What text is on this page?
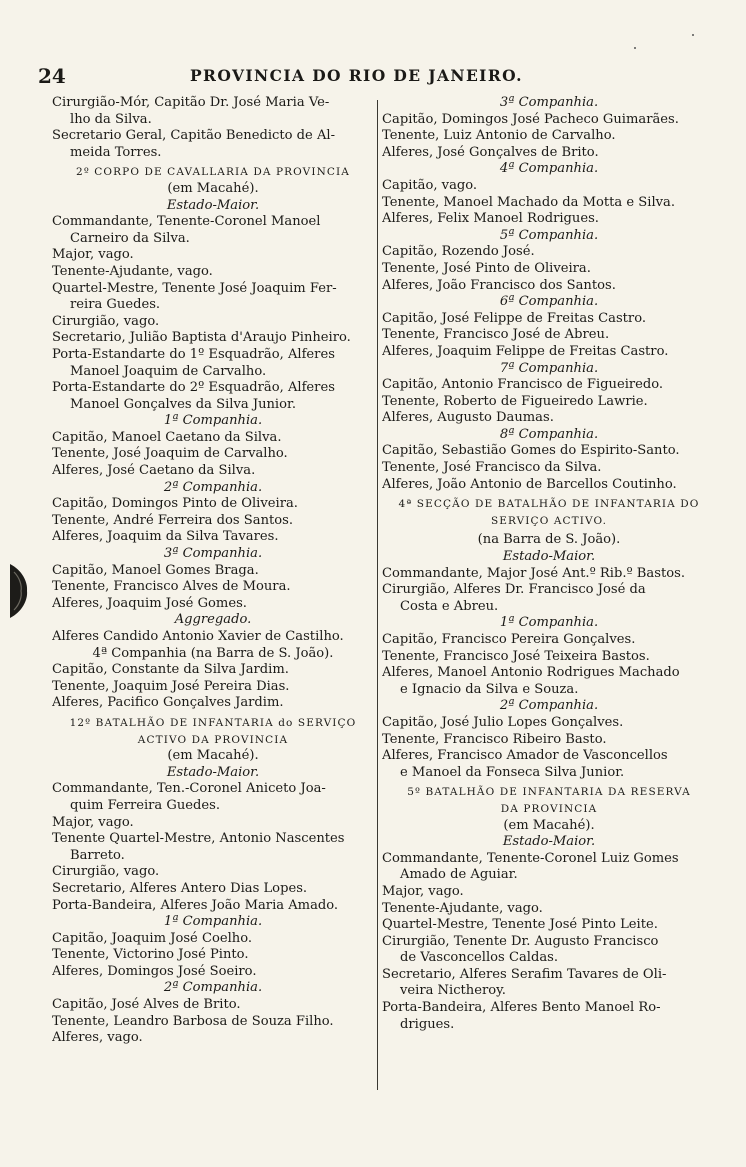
24	PROVINCIA DO RIO DE JANEIRO.
Cirurgião-Mór, Capitão Dr. José Maria Ve-
lho da Silva.
Secretario Geral, Capitão Benedicto de Al-
meida Torres.
2º CORPO DE CAVALLARIA DA PROVINCIA
(em Macahé).
Estado-Maior.
Commandante, Tenente-Coronel Manoel
Carneiro da Silva.
Major, vago.
Tenente-Ajudante, vago.
Quartel-Mestre, Tenente José Joaquim Fer-
reira Guedes.
Cirurgião, vago.
Secretario, Julião Baptista d'Araujo Pinheiro.
Porta-Estandarte do 1º Esquadrão, Alferes
Manoel Joaquim de Carvalho.
Porta-Estandarte do 2º Esquadrão, Alferes
Manoel Gonçalves da Silva Junior.
1ª Companhia.
Capitão, Manoel Caetano da Silva.
Tenente, José Joaquim de Carvalho.
Alferes, José Caetano da Silva.
2ª Companhia.
Capitão, Domingos Pinto de Oliveira.
Tenente, André Ferreira dos Santos.
Alferes, Joaquim da Silva Tavares.
3ª Companhia.
Capitão, Manoel Gomes Braga.
Tenente, Francisco Alves de Moura.
Alferes, Joaquim José Gomes.
Aggregado.
Alferes Candido Antonio Xavier de Castilho.
4ª Companhia (na Barra de S. João).
Capitão, Constante da Silva Jardim.
Tenente, Joaquim José Pereira Dias.
Alferes, Pacifico Gonçalves Jardim.
12º BATALHÃO DE INFANTARIA do SERVIÇO
ACTIVO DA PROVINCIA
(em Macahé).
Estado-Maior.
Commandante, Ten.-Coronel Aniceto Joa-
quim Ferreira Guedes.
Major, vago.
Tenente Quartel-Mestre, Antonio Nascentes
Barreto.
Cirurgião, vago.
Secretario, Alferes Antero Dias Lopes.
Porta-Bandeira, Alferes João Maria Amado.
1ª Companhia.
Capitão, Joaquim José Coelho.
Tenente, Victorino José Pinto.
Alferes, Domingos José Soeiro.
2ª Companhia.
Capitão, José Alves de Brito.
Tenente, Leandro Barbosa de Souza Filho.
Alferes, vago.
3ª Companhia.
Capitão, Domingos José Pacheco Guimarães.
Tenente, Luiz Antonio de Carvalho.
Alferes, José Gonçalves de Brito.
4ª Companhia.
Capitão, vago.
Tenente, Manoel Machado da Motta e Silva.
Alferes, Felix Manoel Rodrigues.
5ª Companhia.
Capitão, Rozendo José.
Tenente, José Pinto de Oliveira.
Alferes, João Francisco dos Santos.
6ª Companhia.
Capitão, José Felippe de Freitas Castro.
Tenente, Francisco José de Abreu.
Alferes, Joaquim Felippe de Freitas Castro.
7ª Companhia.
Capitão, Antonio Francisco de Figueiredo.
Tenente, Roberto de Figueiredo Lawrie.
Alferes, Augusto Daumas.
8ª Companhia.
Capitão, Sebastião Gomes do Espirito-Santo.
Tenente, José Francisco da Silva.
Alferes, João Antonio de Barcellos Coutinho.
4ª SECÇÃO DE BATALHÃO DE INFANTARIA DO
SERVIÇO ACTIVO.
(na Barra de S. João).
Estado-Maior.
Commandante, Major José Ant.º Rib.º Bastos.
Cirurgião, Alferes Dr. Francisco José da
Costa e Abreu.
1ª Companhia.
Capitão, Francisco Pereira Gonçalves.
Tenente, Francisco José Teixeira Bastos.
Alferes, Manoel Antonio Rodrigues Machado
e Ignacio da Silva e Souza.
2ª Companhia.
Capitão, José Julio Lopes Gonçalves.
Tenente, Francisco Ribeiro Basto.
Alferes, Francisco Amador de Vasconcellos
e Manoel da Fonseca Silva Junior.
5º BATALHÃO DE INFANTARIA DA RESERVA
DA PROVINCIA
(em Macahé).
Estado-Maior.
Commandante, Tenente-Coronel Luiz Gomes
Amado de Aguiar.
Major, vago.
Tenente-Ajudante, vago.
Quartel-Mestre, Tenente José Pinto Leite.
Cirurgião, Tenente Dr. Augusto Francisco
de Vasconcellos Caldas.
Secretario, Alferes Serafim Tavares de Oli-
veira Nictheroy.
Porta-Bandeira, Alferes Bento Manoel Ro-
drigues.
